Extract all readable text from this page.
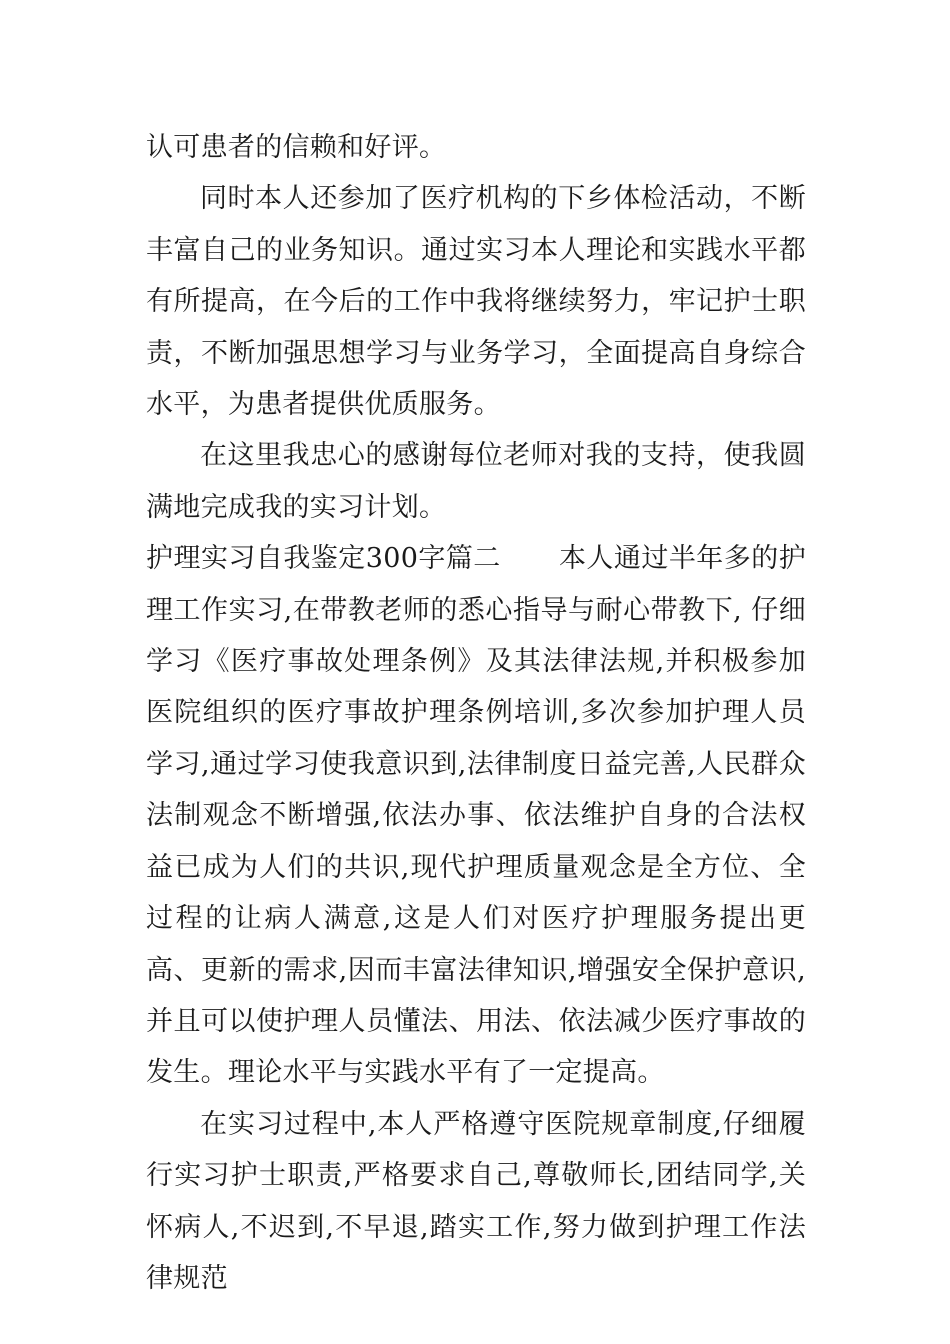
认可患者的信赖和好评。

同时本人还参加了医疗机构的下乡体检活动，不断丰富自己的业务知识。通过实习本人理论和实践水平都有所提高，在今后的工作中我将继续努力，牢记护士职责，不断加强思想学习与业务学习，全面提高自身综合水平，为患者提供优质服务。

在这里我忠心的感谢每位老师对我的支持，使我圆满地完成我的实习计划。

护理实习自我鉴定300字篇二 本人通过半年多的护理工作实习,在带教老师的悉心指导与耐心带教下, 仔细学习《医疗事故处理条例》及其法律法规,并积极参加医院组织的医疗事故护理条例培训,多次参加护理人员学习,通过学习使我意识到,法律制度日益完善,人民群众法制观念不断增强,依法办事、依法维护自身的合法权益已成为人们的共识,现代护理质量观念是全方位、全过程的让病人满意,这是人们对医疗护理服务提出更高、更新的需求,因而丰富法律知识,增强安全保护意识,并且可以使护理人员懂法、用法、依法减少医疗事故的发生。理论水平与实践水平有了一定提高。

在实习过程中,本人严格遵守医院规章制度,仔细履行实习护士职责,严格要求自己,尊敬师长,团结同学,关怀病人,不迟到,不早退,踏实工作,努力做到护理工作法律规范
